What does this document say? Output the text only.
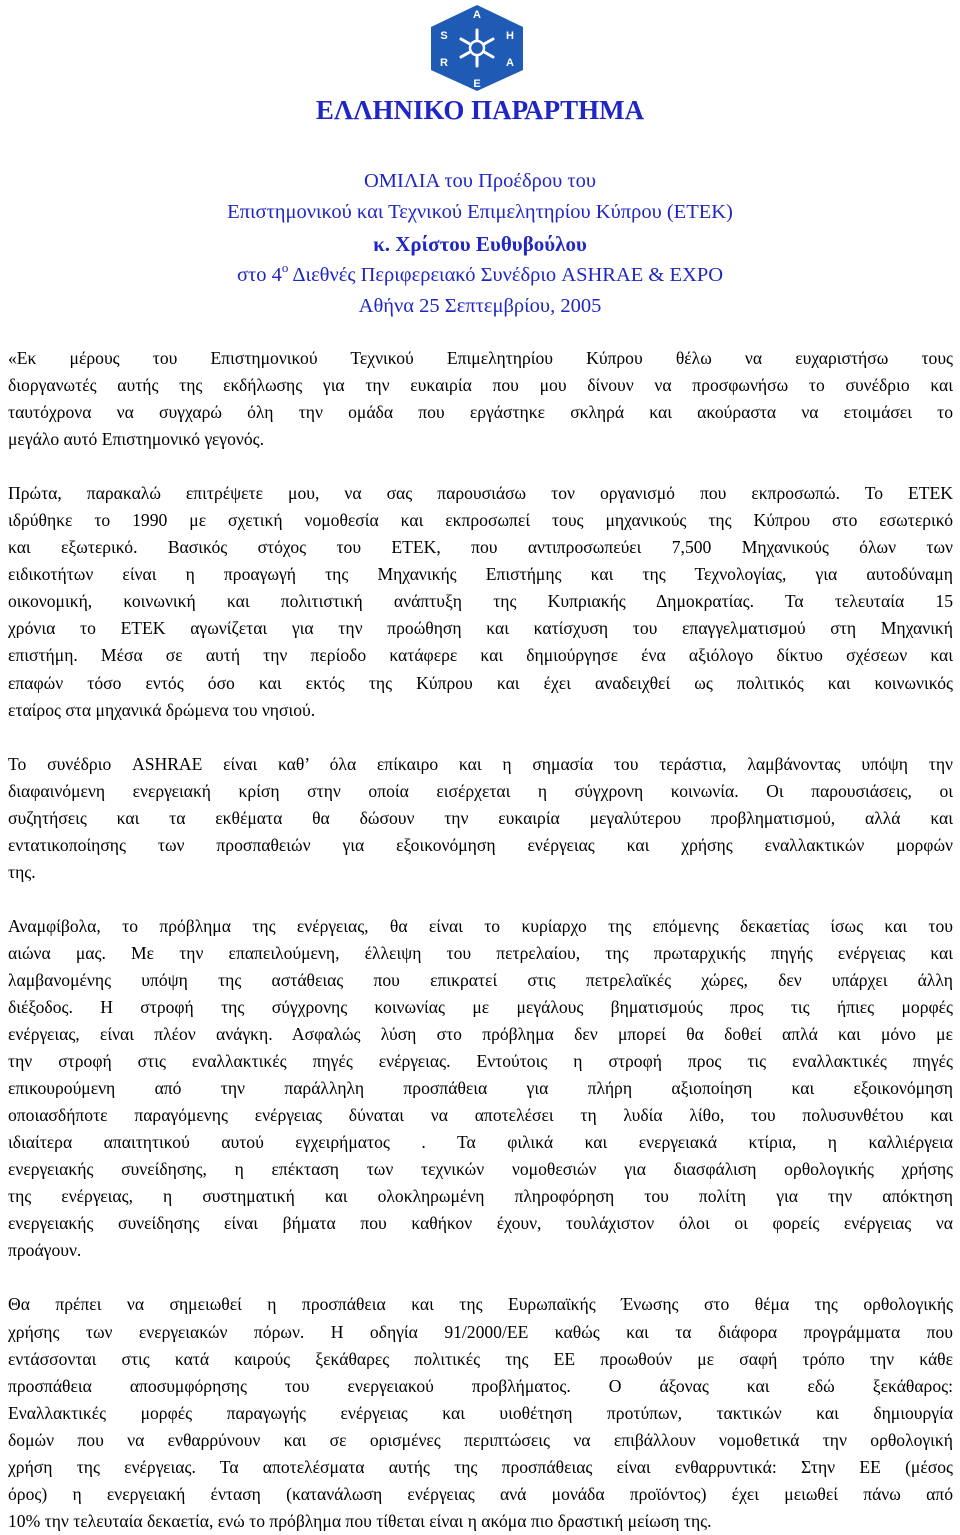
A
S	H
R	A
E
ΕΛΛΗΝΙΚΟ ΠΑΡΑΡΤΗΜΑ
ΟΜΙΛΙΑ του Προέδρου του
Επιστημονικού και Τεχνικού Επιμελητηρίου Κύπρου (ΕΤΕΚ)
κ. Χρίστου Ευθυβούλου
στο $4^o$ Διεθνές Περιφερειακό Συνέδριο ASHRAE & EXPO
Αθήνα 25 Σεπτεμβρίου, 2005

«Εκ μέρους του Επιστημονικού Τεχνικού Επιμελητηρίου Κύπρου θέλω να ευχαριστήσω τους
διοργανωτές αυτής της εκδήλωσης για την ευκαιρία που μου δίνουν να προσφωνήσω το συνέδριο και
ταυτόχρονα να συγχαρώ όλη την ομάδα που εργάστηκε σκληρά και ακούραστα να ετοιμάσει το
μεγάλο αυτό Επιστημονικό γεγονός.

Πρώτα, παρακαλώ επιτρέψετε μου, να σας παρουσιάσω τον οργανισμό που εκπροσωπώ. Το ΕΤΕΚ
ιδρύθηκε το 1990 με σχετική νομοθεσία και εκπροσωπεί τους μηχανικούς της Κύπρου στο εσωτερικό
και εξωτερικό. Βασικός στόχος του ΕΤΕΚ, που αντιπροσωπεύει 7,500 Μηχανικούς όλων των
ειδικοτήτων είναι η προαγωγή της Μηχανικής Επιστήμης και της Τεχνολογίας, για αυτοδύναμη
οικονομική, κοινωνική και πολιτιστική ανάπτυξη της Κυπριακής Δημοκρατίας. Τα τελευταία 15
χρόνια το ΕΤΕΚ αγωνίζεται για την προώθηση και κατίσχυση του επαγγελματισμού στη Μηχανική
επιστήμη. Μέσα σε αυτή την περίοδο κατάφερε και δημιούργησε ένα αξιόλογο δίκτυο σχέσεων και
επαφών τόσο εντός όσο και εκτός της Κύπρου και έχει αναδειχθεί ως πολιτικός και κοινωνικός
εταίρος στα μηχανικά δρώμενα του νησιού.

Το συνέδριο ASHRAE είναι καθ’ όλα επίκαιρο και η σημασία του τεράστια, λαμβάνοντας υπόψη την
διαφαινόμενη ενεργειακή κρίση στην οποία εισέρχεται η σύγχρονη κοινωνία. Οι παρουσιάσεις, οι
συζητήσεις και τα εκθέματα θα δώσουν την ευκαιρία μεγαλύτερου προβληματισμού, αλλά και
εντατικοποίησης των προσπαθειών για εξοικονόμηση ενέργειας και χρήσης εναλλακτικών μορφών
της.

Αναμφίβολα, το πρόβλημα της ενέργειας, θα είναι το κυρίαρχο της επόμενης δεκαετίας ίσως και του
αιώνα μας. Με την επαπειλούμενη, έλλειψη του πετρελαίου, της πρωταρχικής πηγής ενέργειας και
λαμβανομένης υπόψη της αστάθειας που επικρατεί στις πετρελαϊκές χώρες, δεν υπάρχει άλλη
διέξοδος. Η στροφή της σύγχρονης κοινωνίας με μεγάλους βηματισμούς προς τις ήπιες μορφές
ενέργειας, είναι πλέον ανάγκη. Ασφαλώς λύση στο πρόβλημα δεν μπορεί θα δοθεί απλά και μόνο με
την στροφή στις εναλλακτικές πηγές ενέργειας. Εντούτοις η στροφή προς τις εναλλακτικές πηγές
επικουρούμενη από την παράλληλη προσπάθεια για πλήρη αξιοποίηση και εξοικονόμηση
οποιασδήποτε παραγόμενης ενέργειας δύναται να αποτελέσει τη λυδία λίθο, του πολυσυνθέτου και
ιδιαίτερα απαιτητικού αυτού εγχειρήματος . Τα φιλικά και ενεργειακά κτίρια, η καλλιέργεια
ενεργειακής συνείδησης, η επέκταση των τεχνικών νομοθεσιών για διασφάλιση ορθολογικής χρήσης
της ενέργειας, η συστηματική και ολοκληρωμένη πληροφόρηση του πολίτη για την απόκτηση
ενεργειακής συνείδησης είναι βήματα που καθήκον έχουν, τουλάχιστον όλοι οι φορείς ενέργειας να
προάγουν.

Θα πρέπει να σημειωθεί η προσπάθεια και της Ευρωπαϊκής Ένωσης στο θέμα της ορθολογικής
χρήσης των ενεργειακών πόρων. Η οδηγία 91/2000/ΕΕ καθώς και τα διάφορα προγράμματα που
εντάσσονται στις κατά καιρούς ξεκάθαρες πολιτικές της ΕΕ προωθούν με σαφή τρόπο την κάθε
προσπάθεια αποσυμφόρησης του ενεργειακού προβλήματος. Ο άξονας και εδώ ξεκάθαρος:
Εναλλακτικές μορφές παραγωγής ενέργειας και υιοθέτηση προτύπων, τακτικών και δημιουργία
δομών που να ενθαρρύνουν και σε ορισμένες περιπτώσεις να επιβάλλουν νομοθετικά την ορθολογική
χρήση της ενέργειας. Τα αποτελέσματα αυτής της προσπάθειας είναι ενθαρρυντικά: Στην ΕΕ (μέσος
όρος) η ενεργειακή ένταση (κατανάλωση ενέργειας ανά μονάδα προϊόντος) έχει μειωθεί πάνω από
10% την τελευταία δεκαετία, ενώ το πρόβλημα που τίθεται είναι η ακόμα πιο δραστική μείωση της.
